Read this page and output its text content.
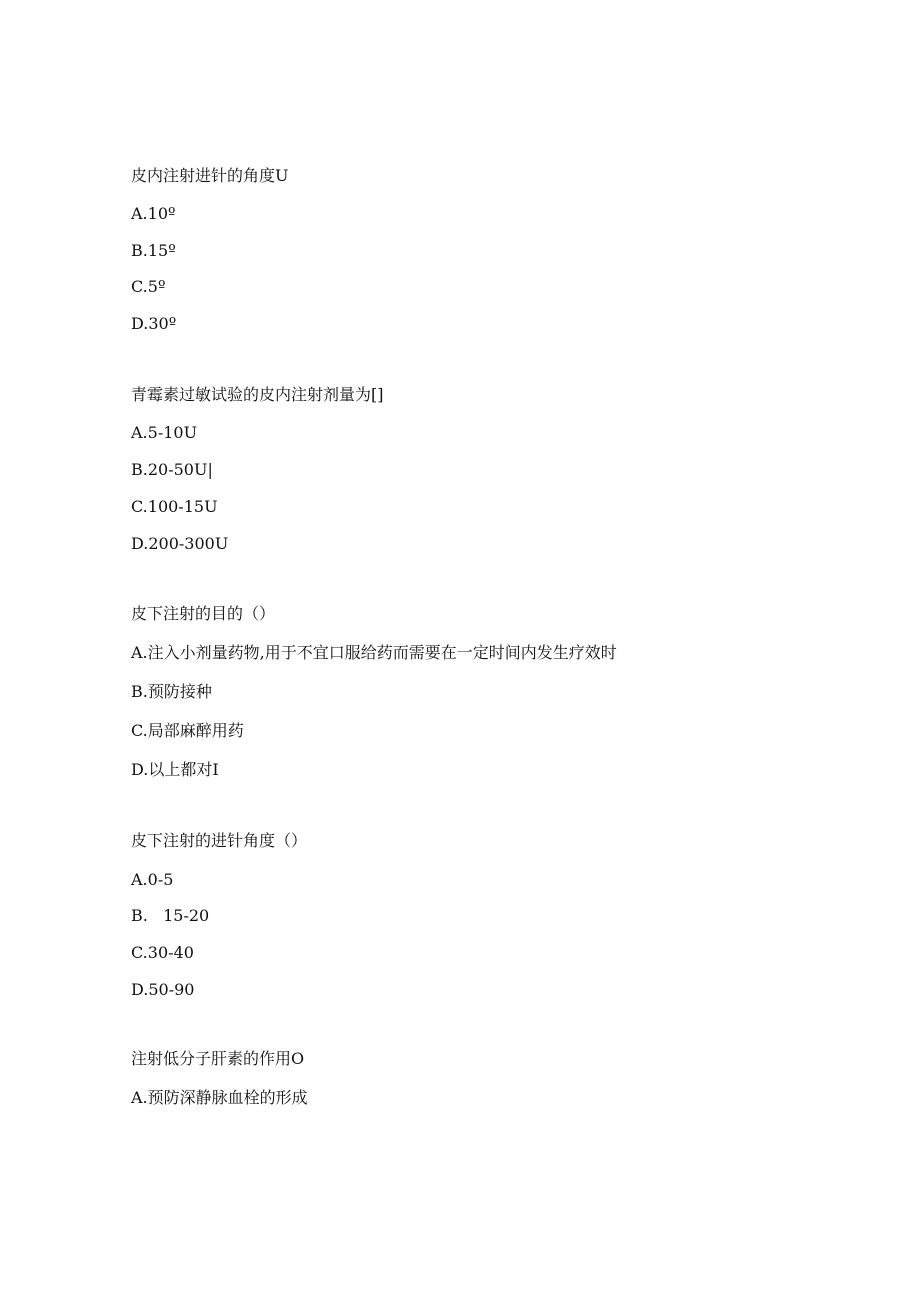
皮内注射进针的角度U
A.10º
B.15º
C.5º
D.30º
青霉素过敏试验的皮内注射剂量为[]
A.5-10U
B.20-50U|
C.100-15U
D.200-300U
皮下注射的目的（）
A.注入小剂量药物,用于不宜口服给药而需要在一定时间内发生疗效时
B.预防接种
C.局部麻醉用药
D.以上都对I
皮下注射的进针角度（）
A.0-5
B.   15-20
C.30-40
D.50-90
注射低分子肝素的作用O
A.预防深静脉血栓的形成
